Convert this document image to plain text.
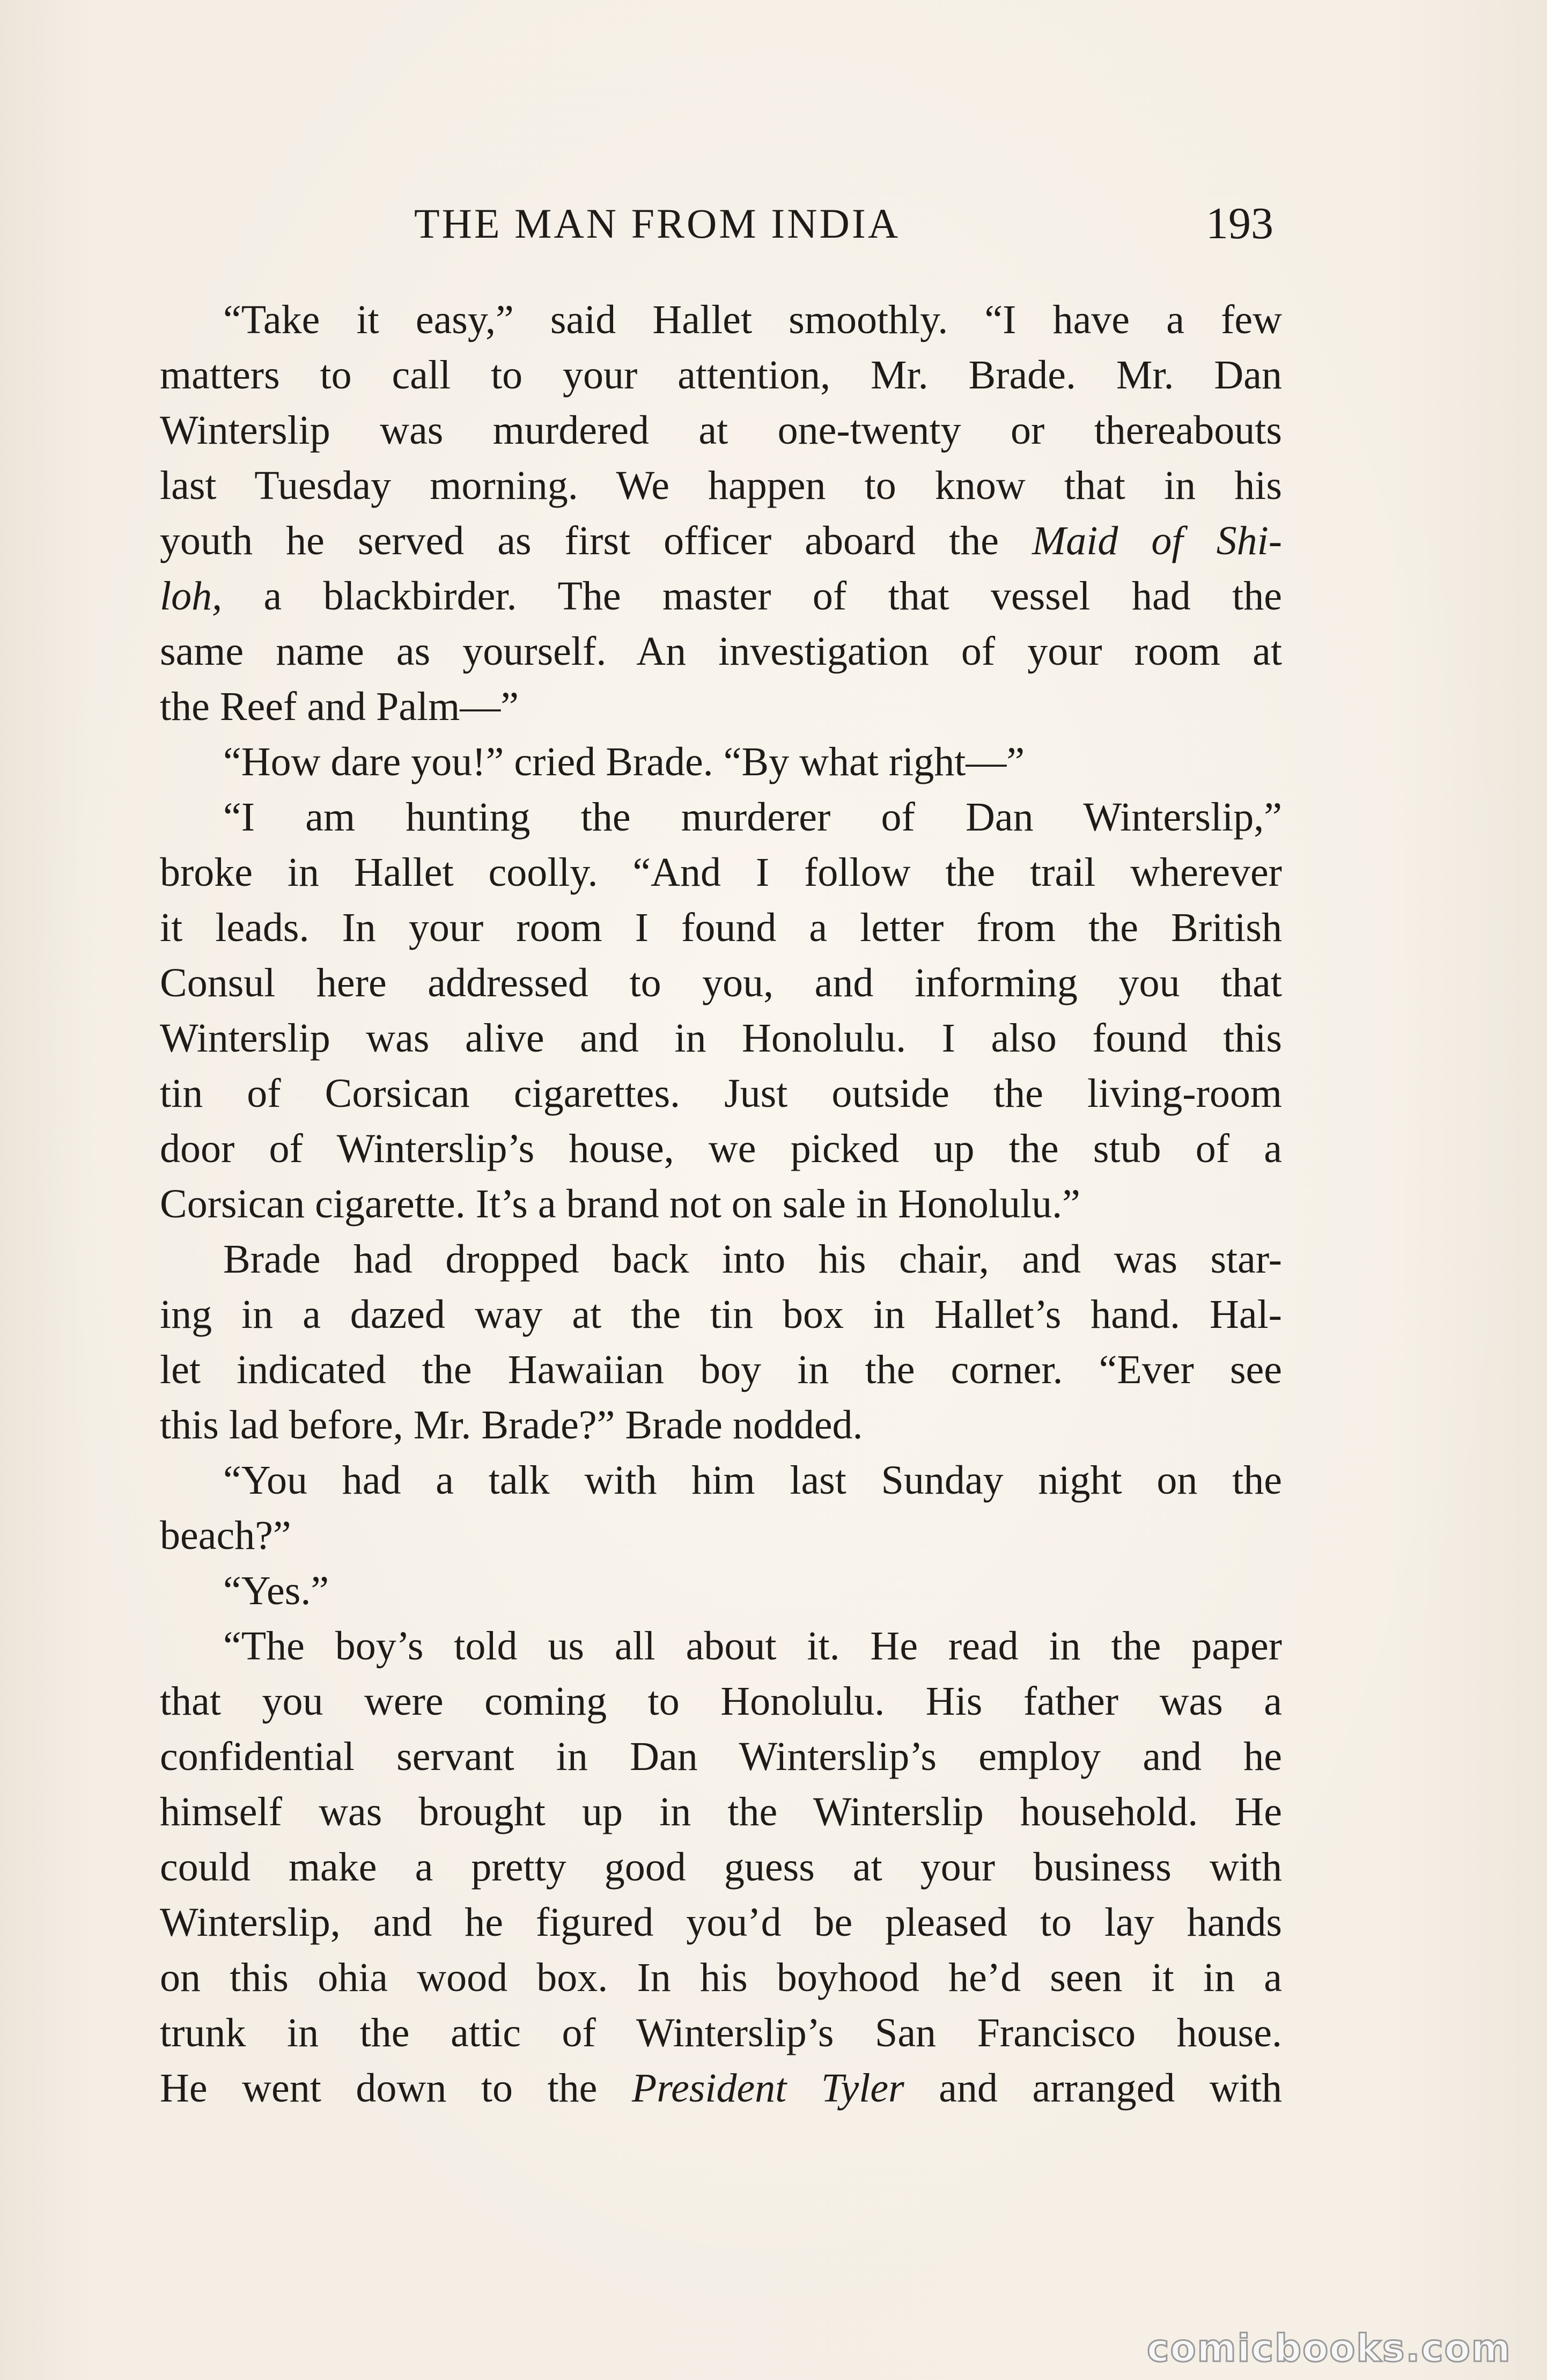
THE MAN FROM INDIA	193
“Take it easy,” said Hallet smoothly. “I have a few
matters to call to your attention, Mr. Brade. Mr. Dan
Winterslip was murdered at one-twenty or thereabouts
last Tuesday morning. We happen to know that in his
youth he served as first officer aboard the Maid of Shi-
loh, a blackbirder. The master of that vessel had the
same name as yourself. An investigation of your room at
the Reef and Palm—”
“How dare you!” cried Brade. “By what right—”
“I am hunting the murderer of Dan Winterslip,”
broke in Hallet coolly. “And I follow the trail wherever
it leads. In your room I found a letter from the British
Consul here addressed to you, and informing you that
Winterslip was alive and in Honolulu. I also found this
tin of Corsican cigarettes. Just outside the living-room
door of Winterslip’s house, we picked up the stub of a
Corsican cigarette. It’s a brand not on sale in Honolulu.”
Brade had dropped back into his chair, and was star-
ing in a dazed way at the tin box in Hallet’s hand. Hal-
let indicated the Hawaiian boy in the corner. “Ever see
this lad before, Mr. Brade?” Brade nodded.
“You had a talk with him last Sunday night on the
beach?”
“Yes.”
“The boy’s told us all about it. He read in the paper
that you were coming to Honolulu. His father was a
confidential servant in Dan Winterslip’s employ and he
himself was brought up in the Winterslip household. He
could make a pretty good guess at your business with
Winterslip, and he figured you’d be pleased to lay hands
on this ohia wood box. In his boyhood he’d seen it in a
trunk in the attic of Winterslip’s San Francisco house.
He went down to the President Tyler and arranged with
comicbooks.com
